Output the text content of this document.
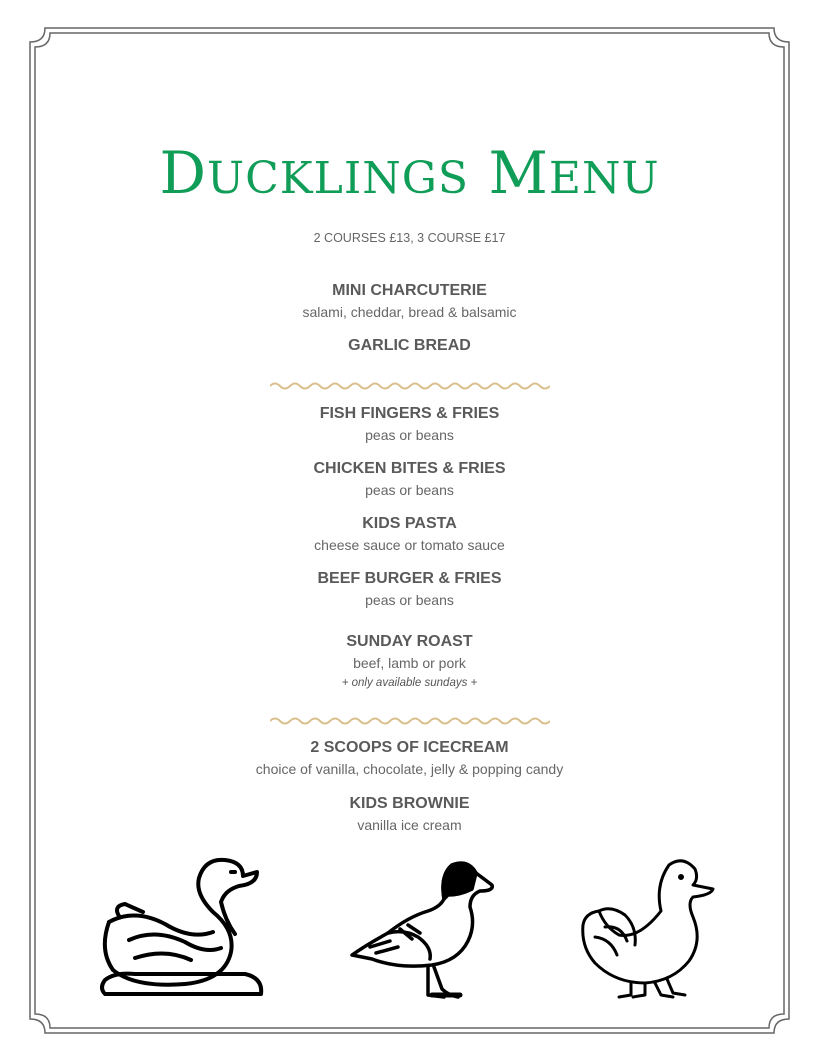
DUCKLINGS MENU
2 COURSES £13, 3 COURSE £17
MINI CHARCUTERIE
salami, cheddar, bread & balsamic
GARLIC BREAD
FISH FINGERS & FRIES
peas or beans
CHICKEN BITES & FRIES
peas or beans
KIDS PASTA
cheese sauce or tomato sauce
BEEF BURGER & FRIES
peas or beans
SUNDAY ROAST
beef, lamb or pork
+ only available sundays +
2 SCOOPS OF ICECREAM
choice of vanilla, chocolate, jelly & popping candy
KIDS BROWNIE
vanilla ice cream
